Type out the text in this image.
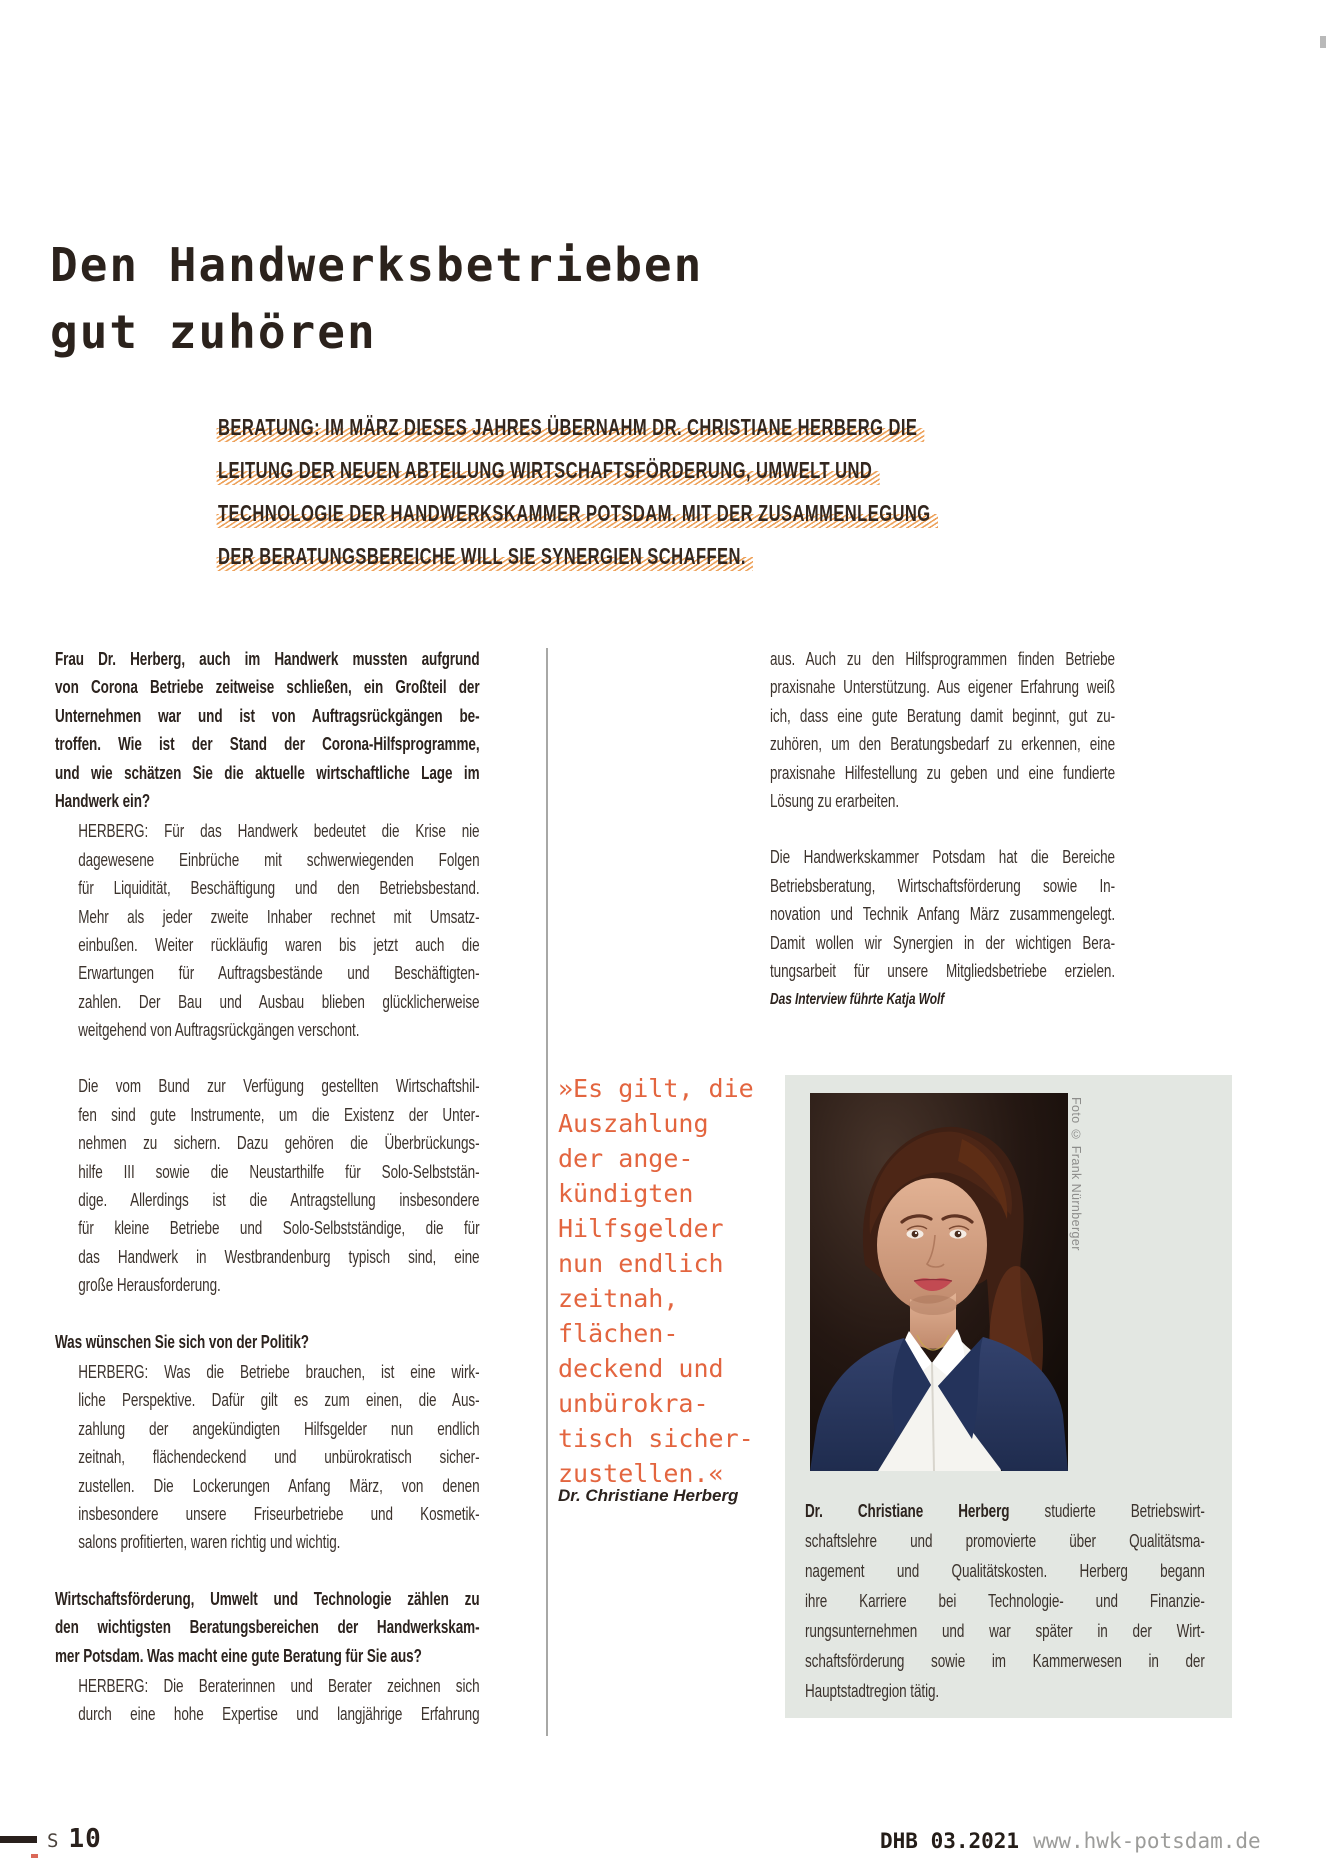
Den Handwerksbetrieben
gut zuhören
BERATUNG: IM MÄRZ DIESES JAHRES ÜBERNAHM DR. CHRISTIANE HERBERG DIE
LEITUNG DER NEUEN ABTEILUNG WIRTSCHAFTSFÖRDERUNG, UMWELT UND
TECHNOLOGIE DER HANDWERKSKAMMER POTSDAM. MIT DER ZUSAMMENLEGUNG
DER BERATUNGSBEREICHE WILL SIE SYNERGIEN SCHAFFEN.
Frau Dr. Herberg, auch im Handwerk mussten aufgrund
von Corona Betriebe zeitweise schließen, ein Großteil der
Unternehmen war und ist von Auftragsrückgängen be-
troffen. Wie ist der Stand der Corona-Hilfsprogramme,
und wie schätzen Sie die aktuelle wirtschaftliche Lage im
Handwerk ein?
HERBERG: Für das Handwerk bedeutet die Krise nie
dagewesene Einbrüche mit schwerwiegenden Folgen
für Liquidität, Beschäftigung und den Betriebsbestand.
Mehr als jeder zweite Inhaber rechnet mit Umsatz-
einbußen. Weiter rückläufig waren bis jetzt auch die
Erwartungen für Auftragsbestände und Beschäftigten-
zahlen. Der Bau und Ausbau blieben glücklicherweise
weitgehend von Auftragsrückgängen verschont.
Die vom Bund zur Verfügung gestellten Wirtschaftshil-
fen sind gute Instrumente, um die Existenz der Unter-
nehmen zu sichern. Dazu gehören die Überbrückungs-
hilfe III sowie die Neustarthilfe für Solo-Selbststän-
dige. Allerdings ist die Antragstellung insbesondere
für kleine Betriebe und Solo-Selbstständige, die für
das Handwerk in Westbrandenburg typisch sind, eine
große Herausforderung.
Was wünschen Sie sich von der Politik?
HERBERG: Was die Betriebe brauchen, ist eine wirk-
liche Perspektive. Dafür gilt es zum einen, die Aus-
zahlung der angekündigten Hilfsgelder nun endlich
zeitnah, flächendeckend und unbürokratisch sicher-
zustellen. Die Lockerungen Anfang März, von denen
insbesondere unsere Friseurbetriebe und Kosmetik-
salons profitierten, waren richtig und wichtig.
Wirtschaftsförderung, Umwelt und Technologie zählen zu
den wichtigsten Beratungsbereichen der Handwerkskam-
mer Potsdam. Was macht eine gute Beratung für Sie aus?
HERBERG: Die Beraterinnen und Berater zeichnen sich
durch eine hohe Expertise und langjährige Erfahrung
»Es gilt, die
Auszahlung
der ange-
kündigten
Hilfsgelder
nun endlich
zeitnah,
flächen-
deckend und
unbürokra-
tisch sicher-
zustellen.«
Dr. Christiane Herberg
aus. Auch zu den Hilfsprogrammen finden Betriebe
praxisnahe Unterstützung. Aus eigener Erfahrung weiß
ich, dass eine gute Beratung damit beginnt, gut zu-
zuhören, um den Beratungsbedarf zu erkennen, eine
praxisnahe Hilfestellung zu geben und eine fundierte
Lösung zu erarbeiten.
Die Handwerkskammer Potsdam hat die Bereiche
Betriebsberatung, Wirtschaftsförderung sowie In-
novation und Technik Anfang März zusammengelegt.
Damit wollen wir Synergien in der wichtigen Bera-
tungsarbeit für unsere Mitgliedsbetriebe erzielen.
Das Interview führte Katja Wolf
Foto © Frank Nürnberger
Dr. Christiane Herberg studierte Betriebswirt-
schaftslehre und promovierte über Qualitätsma-
nagement und Qualitätskosten. Herberg begann
ihre Karriere bei Technologie- und Finanzie-
rungsunternehmen und war später in der Wirt-
schaftsförderung sowie im Kammerwesen in der
Hauptstadtregion tätig.
S 10	DHB 03.2021 www.hwk-potsdam.de
